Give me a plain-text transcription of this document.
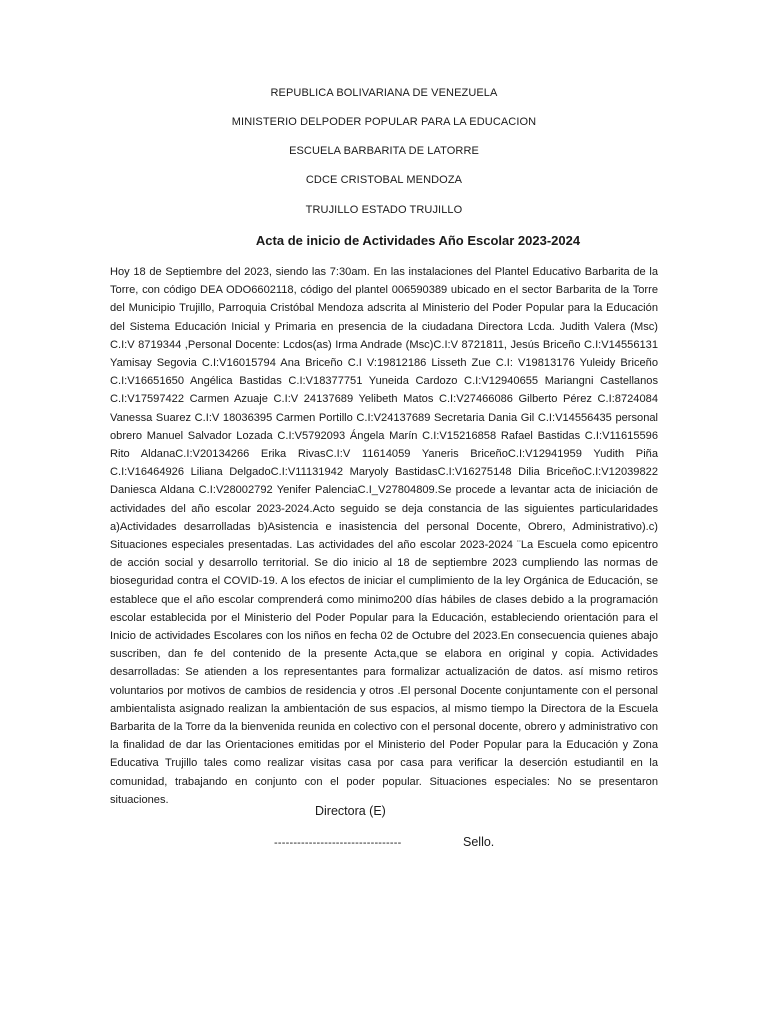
REPUBLICA BOLIVARIANA DE VENEZUELA
MINISTERIO DELPODER POPULAR PARA LA EDUCACION
ESCUELA BARBARITA DE LATORRE
CDCE CRISTOBAL MENDOZA
TRUJILLO ESTADO TRUJILLO
Acta de inicio de Actividades Año Escolar 2023-2024
Hoy 18 de Septiembre del 2023, siendo las 7:30am. En las instalaciones del Plantel Educativo Barbarita de la Torre, con código DEA ODO6602118, código del plantel 006590389 ubicado en el sector Barbarita de la Torre del Municipio Trujillo, Parroquia Cristóbal Mendoza adscrita al Ministerio del Poder Popular para la Educación del Sistema Educación Inicial y Primaria en presencia de la ciudadana Directora Lcda. Judith Valera (Msc) C.I:V 8719344 ,Personal Docente: Lcdos(as) Irma Andrade (Msc)C.I:V 8721811, Jesús Briceño C.I:V14556131 Yamisay Segovia C.I:V16015794 Ana Briceño C.I V:19812186 Lisseth Zue C.I: V19813176 Yuleidy Briceño C.I:V16651650 Angélica Bastidas C.I:V18377751 Yuneida Cardozo C.I:V12940655 Mariangni Castellanos C.I:V17597422 Carmen Azuaje C.I:V 24137689 Yelibeth Matos C.I:V27466086 Gilberto Pérez C.I:8724084 Vanessa Suarez C.I:V 18036395 Carmen Portillo C.I:V24137689 Secretaria Dania Gil C.I:V14556435 personal obrero Manuel Salvador Lozada C.I:V5792093 Ángela Marín C.I:V15216858 Rafael Bastidas C.I:V11615596 Rito AldanaC.I:V20134266 Erika RivasC.I:V 11614059 Yaneris BriceñoC.I:V12941959 Yudith Piña C.I:V16464926 Liliana DelgadoC.I:V11131942 Maryoly BastidasC.I:V16275148 Dilia BriceñoC.I:V12039822 Daniesca Aldana C.I:V28002792 Yenifer PalenciaC.I_V27804809.Se procede a levantar acta de iniciación de actividades del año escolar 2023-2024.Acto seguido se deja constancia de las siguientes particularidades a)Actividades desarrolladas b)Asistencia e inasistencia del personal Docente, Obrero, Administrativo).c) Situaciones especiales presentadas. Las actividades del año escolar 2023-2024 ¨La Escuela como epicentro de acción social y desarrollo territorial. Se dio inicio al 18 de septiembre 2023 cumpliendo las normas de bioseguridad contra el COVID-19. A los efectos de iniciar el cumplimiento de la ley Orgánica de Educación, se establece que el año escolar comprenderá como minimo200 días hábiles de clases debido a la programación escolar establecida por el Ministerio del Poder Popular para la Educación, estableciendo orientación para el Inicio de actividades Escolares con los niños en fecha 02 de Octubre del 2023.En consecuencia quienes abajo suscriben, dan fe del contenido de la presente Acta,que se elabora en original y copia. Actividades desarrolladas: Se atienden a los representantes para formalizar actualización de datos. así mismo retiros voluntarios por motivos de cambios de residencia y otros .El personal Docente conjuntamente con el personal ambientalista asignado realizan la ambientación de sus espacios, al mismo tiempo la Directora de la Escuela Barbarita de la Torre da la bienvenida reunida en colectivo con el personal docente, obrero y administrativo con la finalidad de dar las Orientaciones emitidas por el Ministerio del Poder Popular para la Educación y Zona Educativa Trujillo tales como realizar visitas casa por casa para verificar la deserción estudiantil en la comunidad, trabajando en conjunto con el poder popular. Situaciones especiales: No se presentaron situaciones.
Directora (E)
---------------------------------	Sello.
